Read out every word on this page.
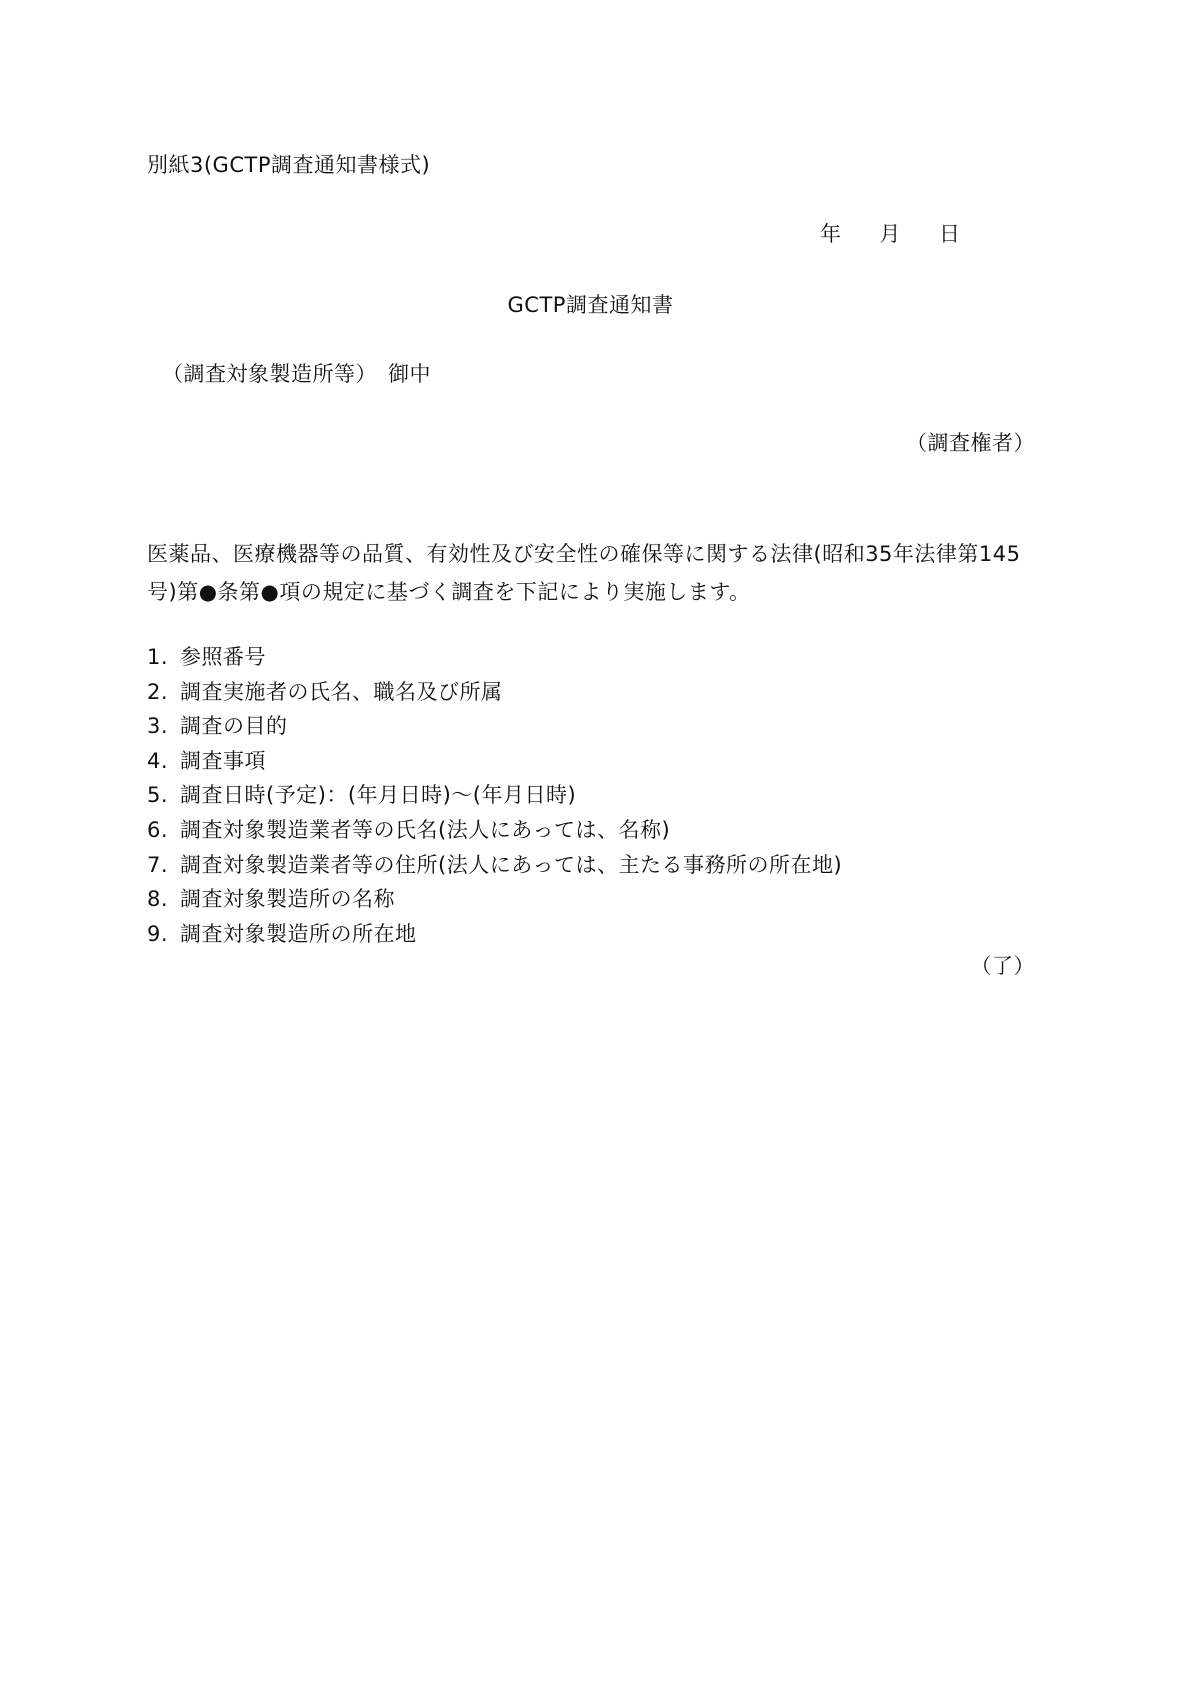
別紙3(GCTP調査通知書様式)
年 月 日
GCTP調査通知書
（調査対象製造所等）　御中
（調査権者）

医薬品、医療機器等の品質、有効性及び安全性の確保等に関する法律(昭和35年法律第145

号)第●条第●項の規定に基づく調査を下記により実施します。

1. 参照番号
2. 調査実施者の氏名、職名及び所属
3. 調査の目的
4. 調査事項
5. 調査日時(予定)：(年月日時)～(年月日時)
6. 調査対象製造業者等の氏名(法人にあっては、名称)
7. 調査対象製造業者等の住所(法人にあっては、主たる事務所の所在地)
8. 調査対象製造所の名称
9. 調査対象製造所の所在地
（了）
